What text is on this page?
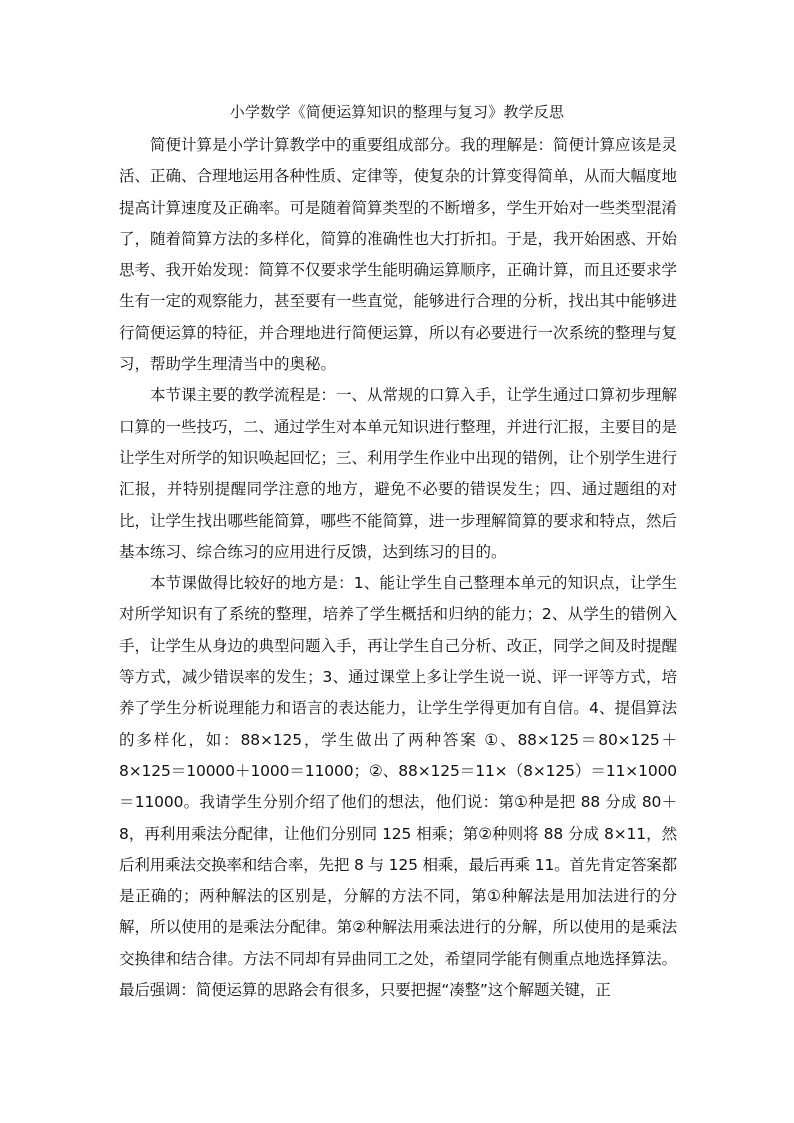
小学数学《简便运算知识的整理与复习》教学反思

简便计算是小学计算教学中的重要组成部分。我的理解是：简便计算应该是灵活、正确、合理地运用各种性质、定律等，使复杂的计算变得简单，从而大幅度地提高计算速度及正确率。可是随着简算类型的不断增多，学生开始对一些类型混淆了，随着简算方法的多样化，简算的准确性也大打折扣。于是，我开始困惑、开始思考、我开始发现：简算不仅要求学生能明确运算顺序，正确计算，而且还要求学生有一定的观察能力，甚至要有一些直觉，能够进行合理的分析，找出其中能够进行简便运算的特征，并合理地进行简便运算，所以有必要进行一次系统的整理与复习，帮助学生理清当中的奥秘。

本节课主要的教学流程是：一、从常规的口算入手，让学生通过口算初步理解口算的一些技巧，二、通过学生对本单元知识进行整理，并进行汇报，主要目的是让学生对所学的知识唤起回忆；三、利用学生作业中出现的错例，让个别学生进行汇报，并特别提醒同学注意的地方，避免不必要的错误发生；四、通过题组的对比，让学生找出哪些能简算，哪些不能简算，进一步理解简算的要求和特点，然后基本练习、综合练习的应用进行反馈，达到练习的目的。

本节课做得比较好的地方是：1、能让学生自己整理本单元的知识点，让学生对所学知识有了系统的整理，培养了学生概括和归纳的能力；2、从学生的错例入手，让学生从身边的典型问题入手，再让学生自己分析、改正，同学之间及时提醒等方式，减少错误率的发生；3、通过课堂上多让学生说一说、评一评等方式，培养了学生分析说理能力和语言的表达能力，让学生学得更加有自信。4、提倡算法的多样化，如：88×125，学生做出了两种答案 ①、88×125＝80×125＋8×125＝10000＋1000＝11000；②、88×125＝11×（8×125）＝11×1000＝11000。我请学生分别介绍了他们的想法，他们说：第①种是把 88 分成 80＋8，再利用乘法分配律，让他们分别同 125 相乘；第②种则将 88 分成 8×11，然后利用乘法交换率和结合率，先把 8 与 125 相乘，最后再乘 11。首先肯定答案都是正确的；两种解法的区别是，分解的方法不同，第①种解法是用加法进行的分解，所以使用的是乘法分配律。第②种解法用乘法进行的分解，所以使用的是乘法交换律和结合律。方法不同却有异曲同工之处，希望同学能有侧重点地选择算法。最后强调：简便运算的思路会有很多，只要把握“凑整”这个解题关键，正
